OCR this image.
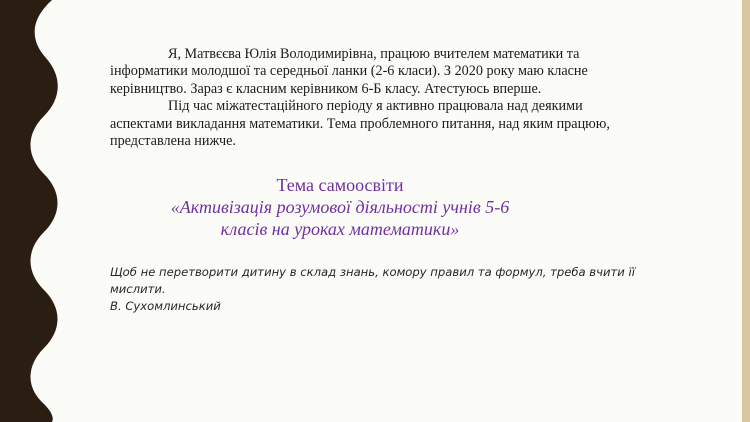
Я, Матвєєва Юлія Володимирівна, працюю вчителем математики та

інформатики молодшої та середньої ланки (2-6 класи). З 2020 року маю класне

керівництво. Зараз є класним керівником 6-Б класу. Атестуюсь вперше.

Під час міжатестаційного періоду я активно працювала над деякими

аспектами викладання математики. Тема проблемного питання, над яким працюю,

представлена нижче.

Тема самоосвіти
«Активізація розумової діяльності учнів 5-6
класів на уроках математики»

Щоб не перетворити дитину в склад знань, комору правил та формул, треба вчити її

мислити.

В. Сухомлинський
